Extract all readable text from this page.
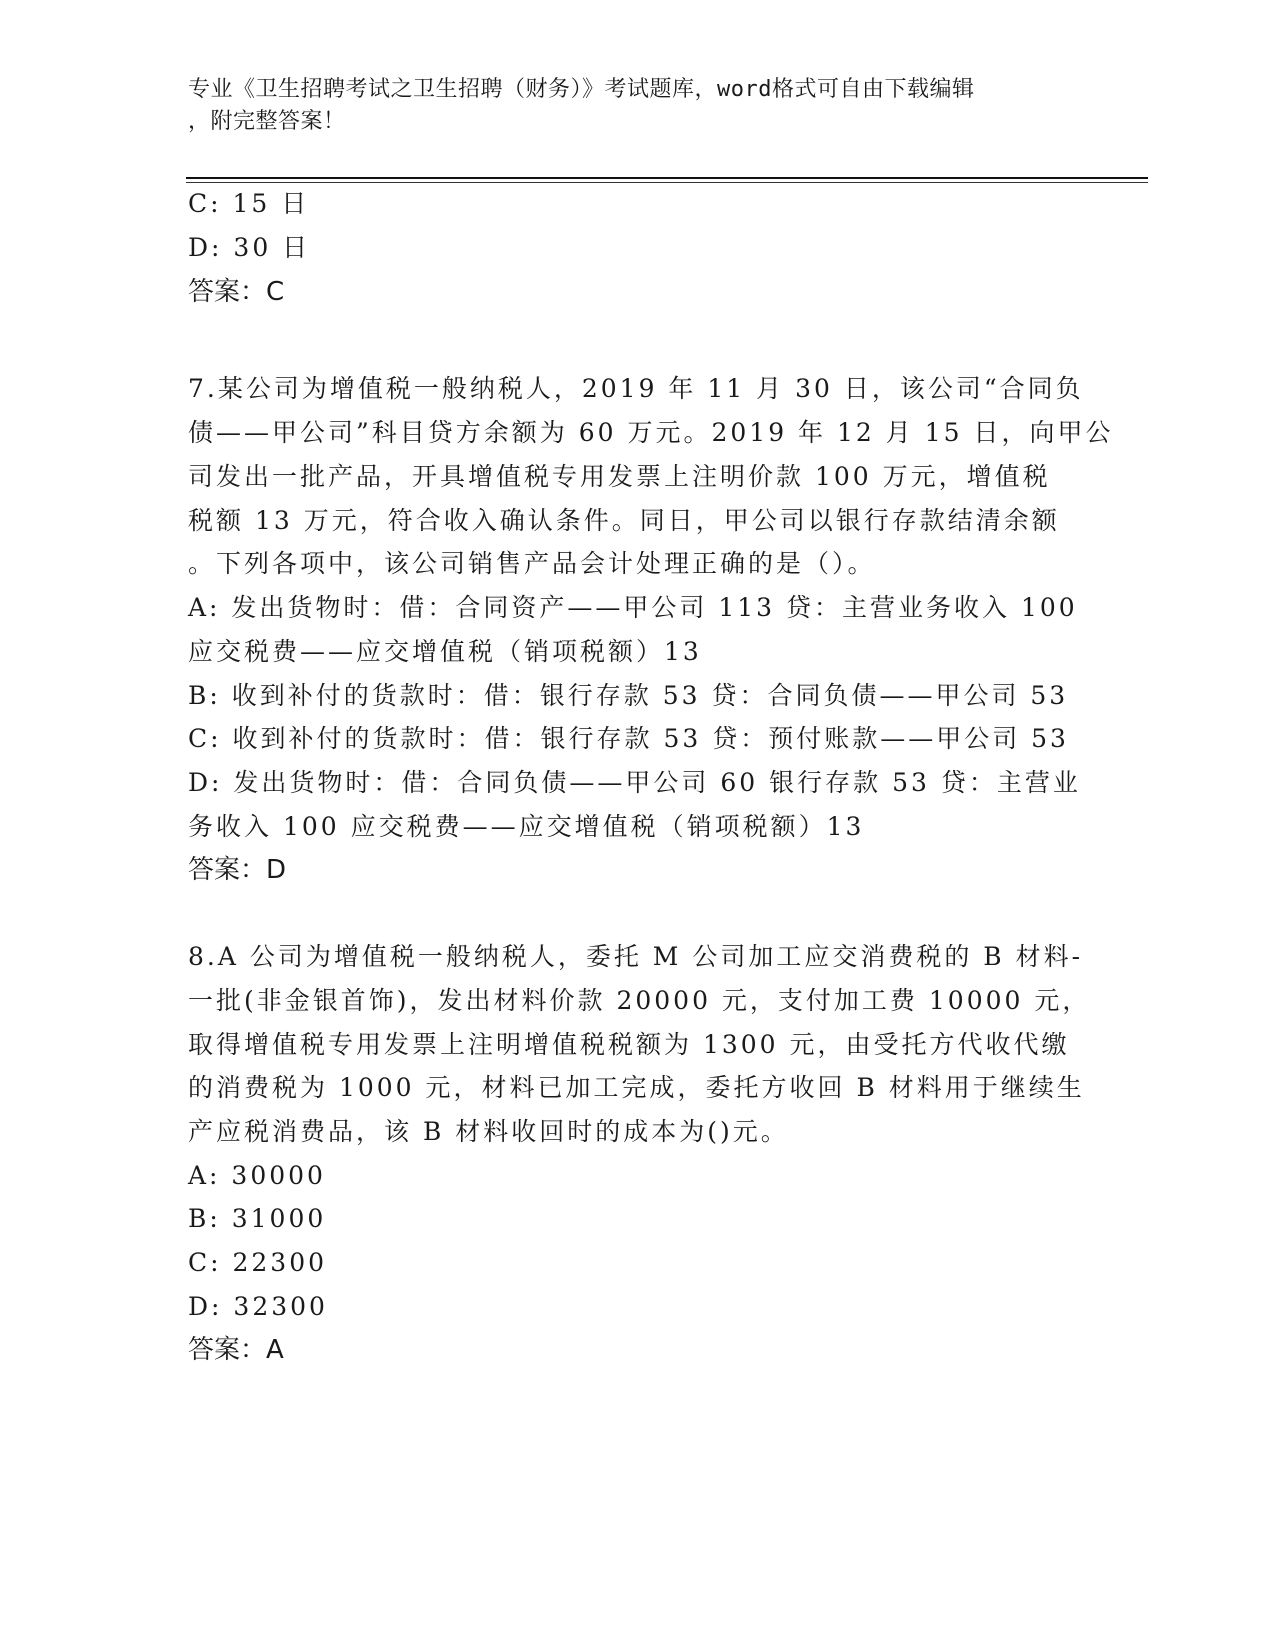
专业《卫生招聘考试之卫生招聘（财务）》考试题库，word格式可自由下载编辑
，附完整答案！
C: 15 日
D: 30 日
答案：C
7.某公司为增值税一般纳税人，2019 年 11 月 30 日，该公司“合同负
债——甲公司”科目贷方余额为 60 万元。2019 年 12 月 15 日，向甲公
司发出一批产品，开具增值税专用发票上注明价款 100 万元，增值税
税额 13 万元，符合收入确认条件。同日，甲公司以银行存款结清余额
。下列各项中，该公司销售产品会计处理正确的是（）。
A: 发出货物时：借：合同资产——甲公司 113 贷：主营业务收入 100
应交税费——应交增值税（销项税额）13
B: 收到补付的货款时：借：银行存款 53 贷：合同负债——甲公司 53
C: 收到补付的货款时：借：银行存款 53 贷：预付账款——甲公司 53
D: 发出货物时：借：合同负债——甲公司 60 银行存款 53 贷：主营业
务收入 100 应交税费——应交增值税（销项税额）13
答案：D
8.A 公司为增值税一般纳税人，委托 M 公司加工应交消费税的 B 材料-
一批(非金银首饰)，发出材料价款 20000 元，支付加工费 10000 元，
取得增值税专用发票上注明增值税税额为 1300 元，由受托方代收代缴
的消费税为 1000 元，材料已加工完成，委托方收回 B 材料用于继续生
产应税消费品，该 B 材料收回时的成本为()元。
A: 30000
B: 31000
C: 22300
D: 32300
答案：A
